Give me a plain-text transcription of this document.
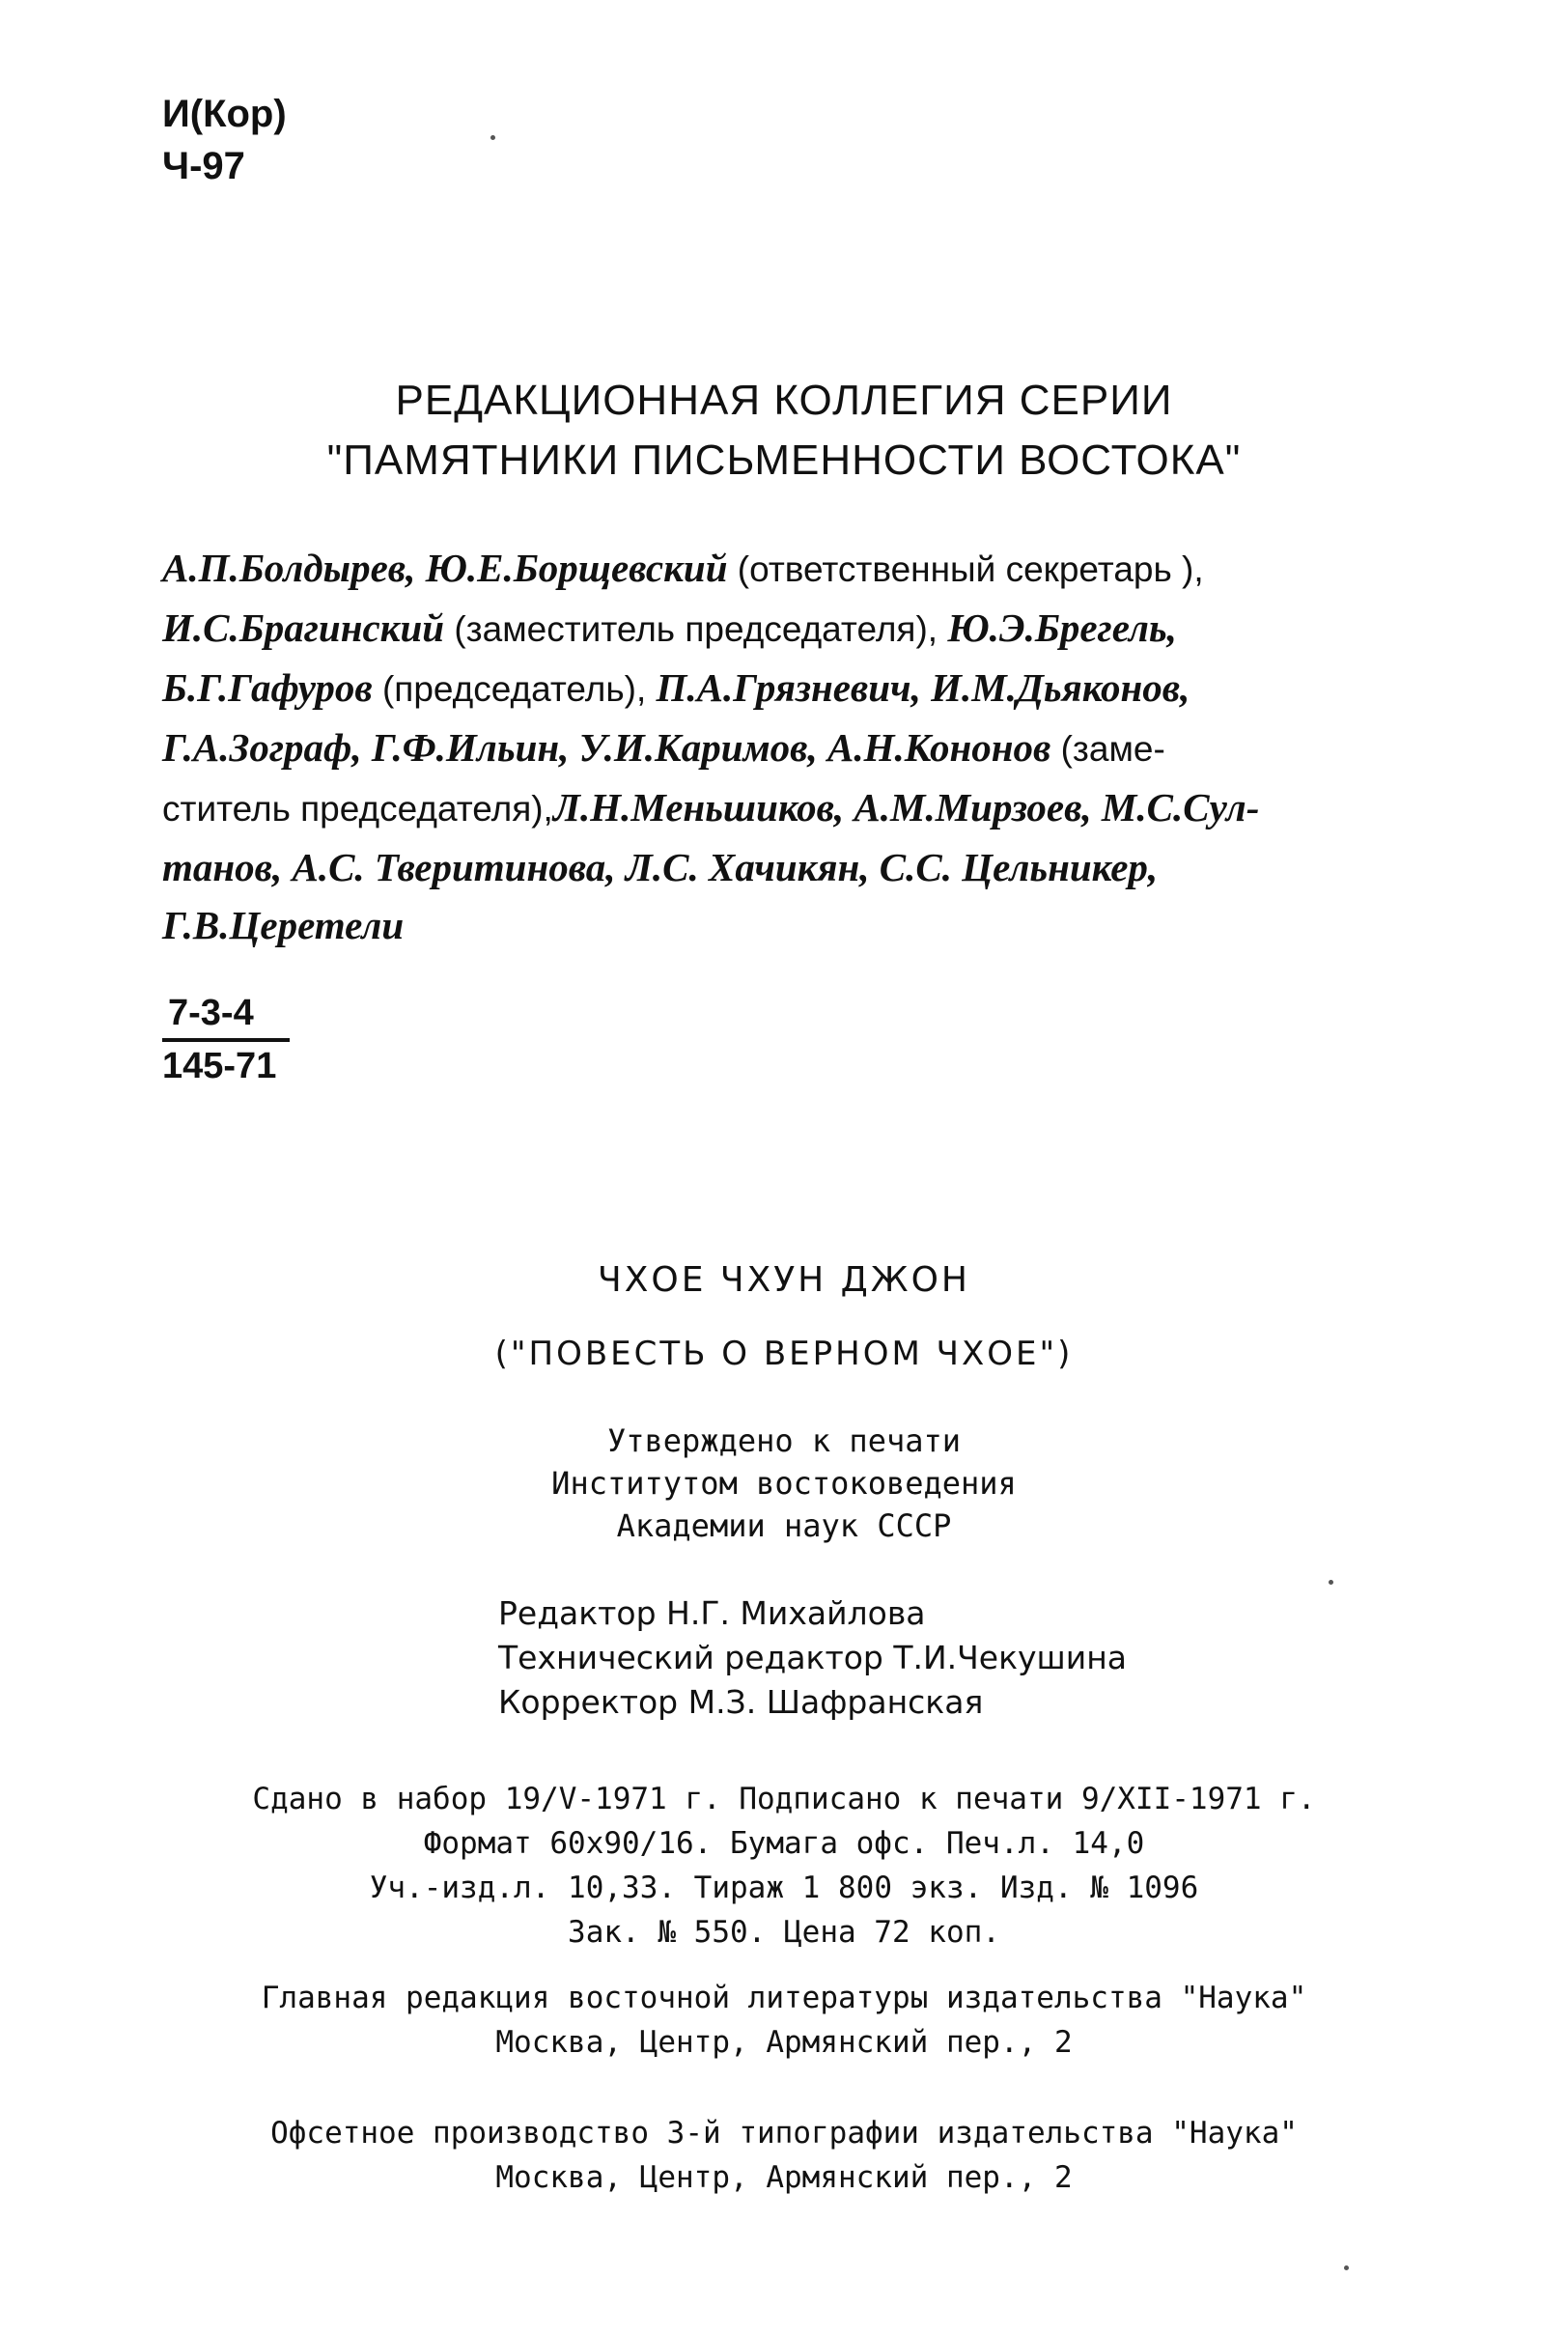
И(Кор)
Ч-97
РЕДАКЦИОННАЯ КОЛЛЕГИЯ СЕРИИ
"ПАМЯТНИКИ ПИСЬМЕННОСТИ ВОСТОКА"
А.П.Болдырев, Ю.Е.Борщевский (ответственный секретарь ),
И.С.Брагинский (заместитель председателя), Ю.Э.Брегель,
Б.Г.Гафуров (председатель), П.А.Грязневич, И.М.Дьяконов,
Г.А.Зограф, Г.Ф.Ильин, У.И.Каримов, А.Н.Кононов (заме-
ститель председателя),Л.Н.Меньшиков, А.М.Мирзоев, М.С.Сул-
танов, А.С. Тверитинова, Л.С. Хачикян, С.С. Цельникер,
Г.В.Церетели
7-3-4
145-71
ЧХОЕ ЧХУН ДЖОН
("ПОВЕСТЬ О ВЕРНОМ ЧХОЕ")
Утверждено к печати
Институтом востоковедения
Академии наук СССР
Редактор Н.Г. Михайлова
Технический редактор Т.И.Чекушина
Корректор М.З. Шафранская
Сдано в набор 19/V-1971 г. Подписано к печати 9/XII-1971 г.
Формат 60x90/16. Бумага офс. Печ.л. 14,0
Уч.-изд.л. 10,33. Тираж 1 800 экз. Изд. № 1096
Зак. № 550. Цена 72 коп.
Главная редакция восточной литературы издательства "Наука"
Москва, Центр, Армянский пер., 2
Офсетное производство 3-й типографии издательства "Наука"
Москва, Центр, Армянский пер., 2
